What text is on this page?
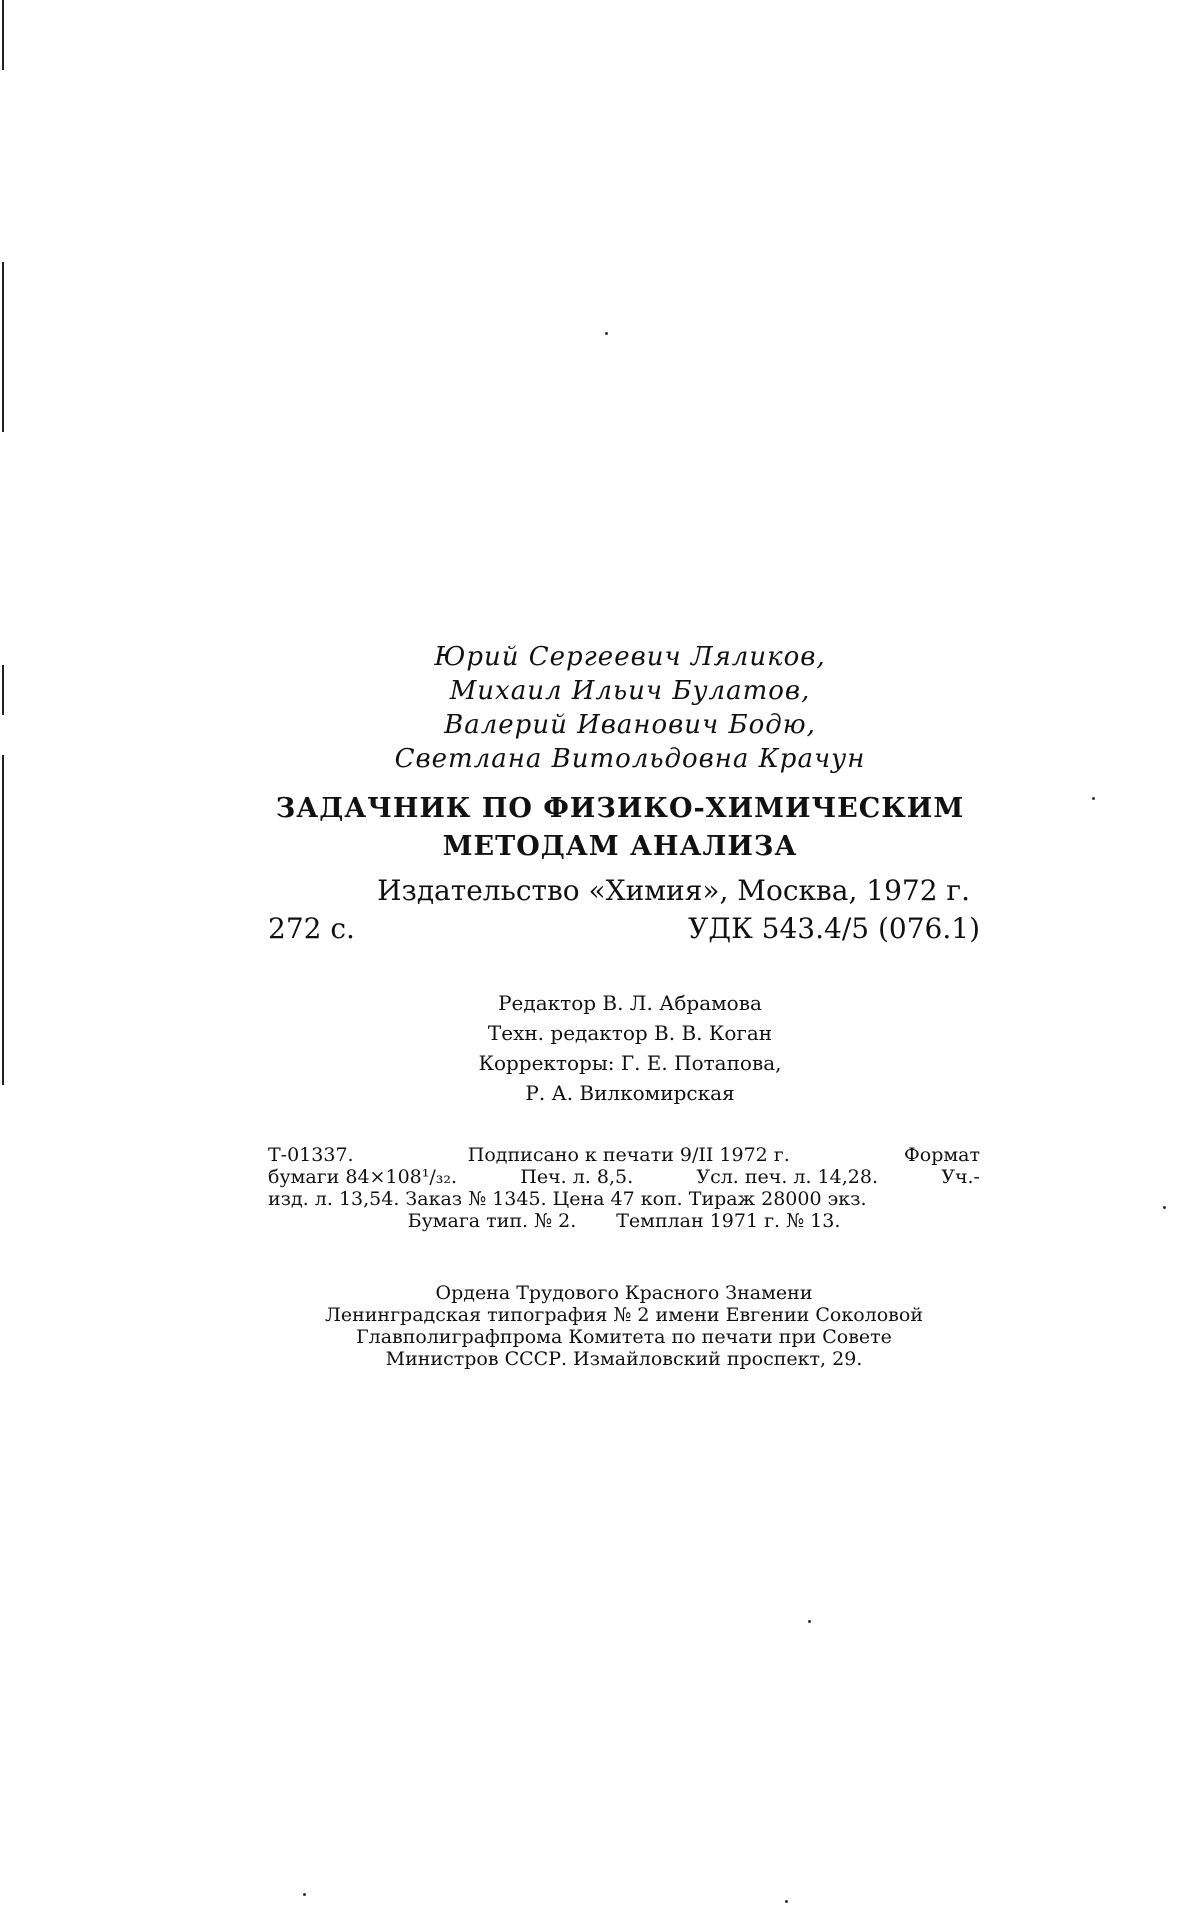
Юрий Сергеевич Ляликов,
Михаил Ильич Булатов,
Валерий Иванович Бодю,
Светлана Витольдовна Крачун
ЗАДАЧНИК ПО ФИЗИКО-ХИМИЧЕСКИМ
МЕТОДАМ АНАЛИЗА
Издательство «Химия», Москва, 1972 г.
272 с.	УДК 543.4/5 (076.1)
Редактор В. Л. Абрамова
Техн. редактор В. В. Коган
Корректоры: Г. Е. Потапова,
Р. А. Вилкомирская
Т-01337.	Подписано к печати 9/II 1972 г.	Формат
бумаги 84×108¹/₃₂.	Печ. л. 8,5.	Усл. печ. л. 14,28.	Уч.-
изд. л. 13,54. Заказ № 1345. Цена 47 коп. Тираж 28000 экз.
Бумага тип. № 2. Темплан 1971 г. № 13.
Ордена Трудового Красного Знамени
Ленинградская типография № 2 имени Евгении Соколовой
Главполиграфпрома Комитета по печати при Совете
Министров СССР. Измайловский проспект, 29.
